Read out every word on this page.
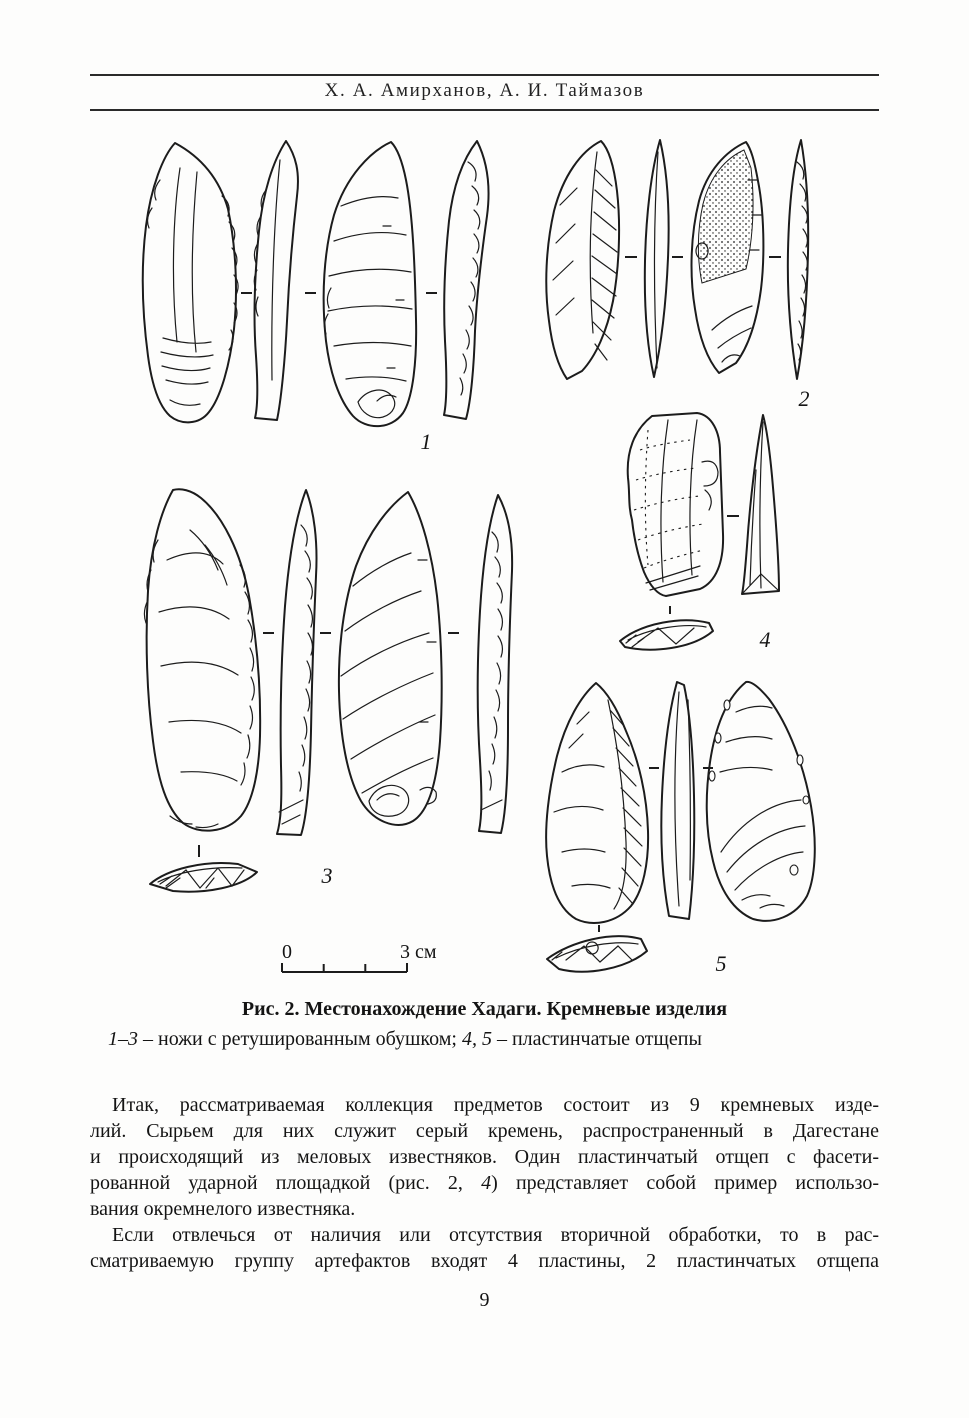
Х. А. Амирханов, А. И. Таймазов
1
2
3
4
5
0	3 см
Рис. 2. Местонахождение Хадаги. Кремневые изделия
1–3 – ножи с ретушированным обушком; 4, 5 – пластинчатые отщепы
Итак, рассматриваемая коллекция предметов состоит из 9 кремневых изде-
лий. Сырьем для них служит серый кремень, распространенный в Дагестане
и происходящий из меловых известняков. Один пластинчатый отщеп с фасети-
рованной ударной площадкой (рис. 2, 4) представляет собой пример использо-
вания окремнелого известняка.
Если отвлечься от наличия или отсутствия вторичной обработки, то в рас-
сматриваемую группу артефактов входят 4 пластины, 2 пластинчатых отщепа
9
